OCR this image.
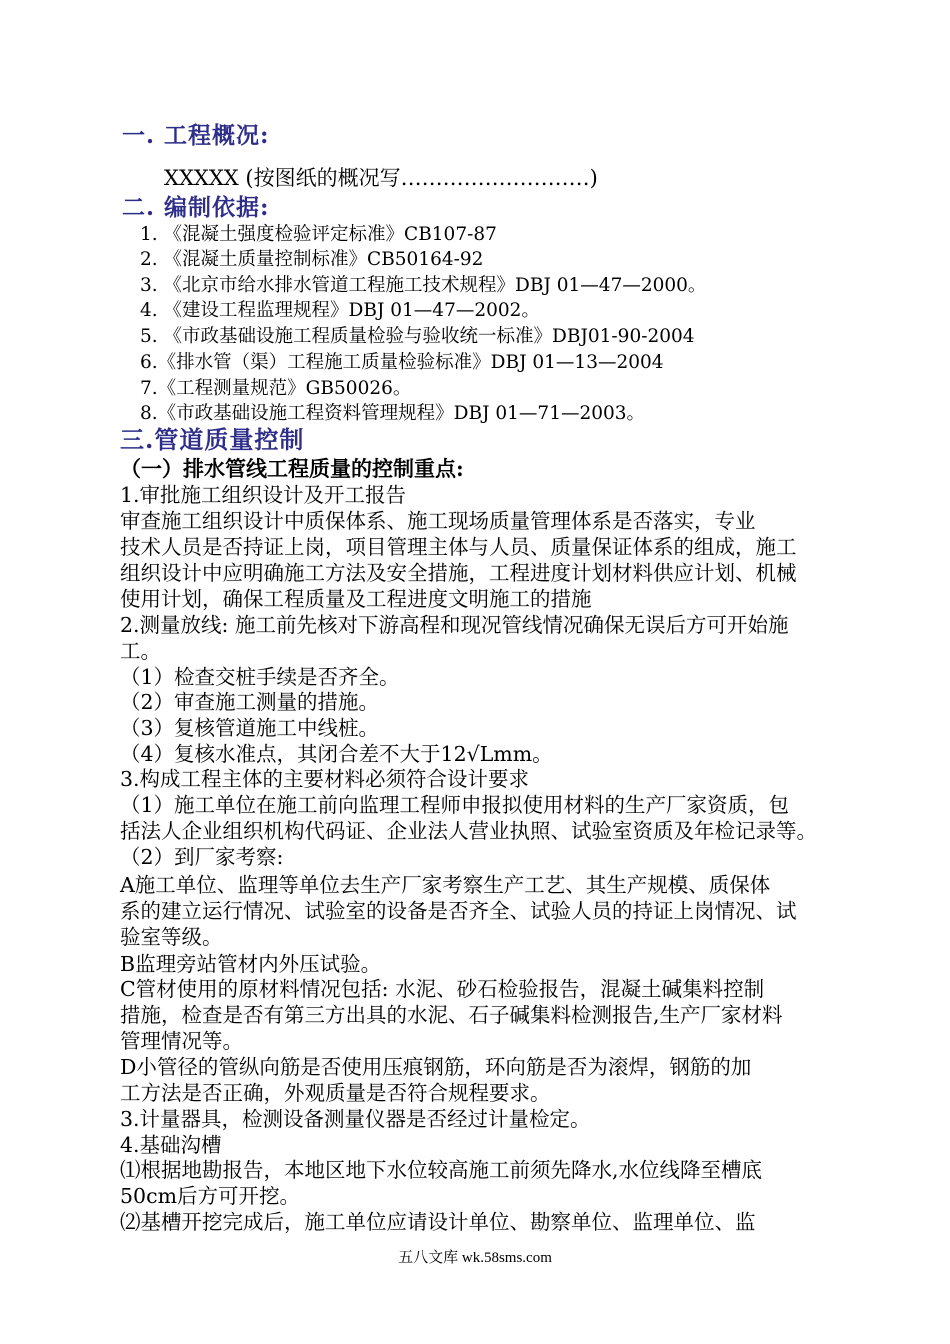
一. 工程概况:
XXXXX (按图纸的概况写………………………)
二. 编制依据:
1. 《混凝土强度检验评定标准》CB107-87
2. 《混凝土质量控制标准》CB50164-92
3. 《北京市给水排水管道工程施工技术规程》DBJ 01—47—2000。
4. 《建设工程监理规程》DBJ 01—47—2002。
5. 《市政基础设施工程质量检验与验收统一标准》DBJ01-90-2004
6.《排水管（渠）工程施工质量检验标准》DBJ 01—13—2004
7.《工程测量规范》GB50026。
8.《市政基础设施工程资料管理规程》DBJ 01—71—2003。
三.管道质量控制
（一）排水管线工程质量的控制重点:
1.审批施工组织设计及开工报告
审查施工组织设计中质保体系、施工现场质量管理体系是否落实，专业
技术人员是否持证上岗，项目管理主体与人员、质量保证体系的组成，施工
组织设计中应明确施工方法及安全措施，工程进度计划材料供应计划、机械
使用计划，确保工程质量及工程进度文明施工的措施
2.测量放线: 施工前先核对下游高程和现况管线情况确保无误后方可开始施
工。
（1）检查交桩手续是否齐全。
（2）审查施工测量的措施。
（3）复核管道施工中线桩。
（4）复核水准点，其闭合差不大于12√Lmm。
3.构成工程主体的主要材料必须符合设计要求
（1）施工单位在施工前向监理工程师申报拟使用材料的生产厂家资质，包
括法人企业组织机构代码证、企业法人营业执照、试验室资质及年检记录等。
（2）到厂家考察:
A施工单位、监理等单位去生产厂家考察生产工艺、其生产规模、质保体
系的建立运行情况、试验室的设备是否齐全、试验人员的持证上岗情况、试
验室等级。
B监理旁站管材内外压试验。
C管材使用的原材料情况包括: 水泥、砂石检验报告，混凝土碱集料控制
措施，检查是否有第三方出具的水泥、石子碱集料检测报告,生产厂家材料
管理情况等。
D小管径的管纵向筋是否使用压痕钢筋，环向筋是否为滚焊，钢筋的加
工方法是否正确，外观质量是否符合规程要求。
3.计量器具，检测设备测量仪器是否经过计量检定。
4.基础沟槽
⑴根据地勘报告，本地区地下水位较高施工前须先降水,水位线降至槽底
50cm后方可开挖。
⑵基槽开挖完成后，施工单位应请设计单位、勘察单位、监理单位、监
五八文库 wk.58sms.com
